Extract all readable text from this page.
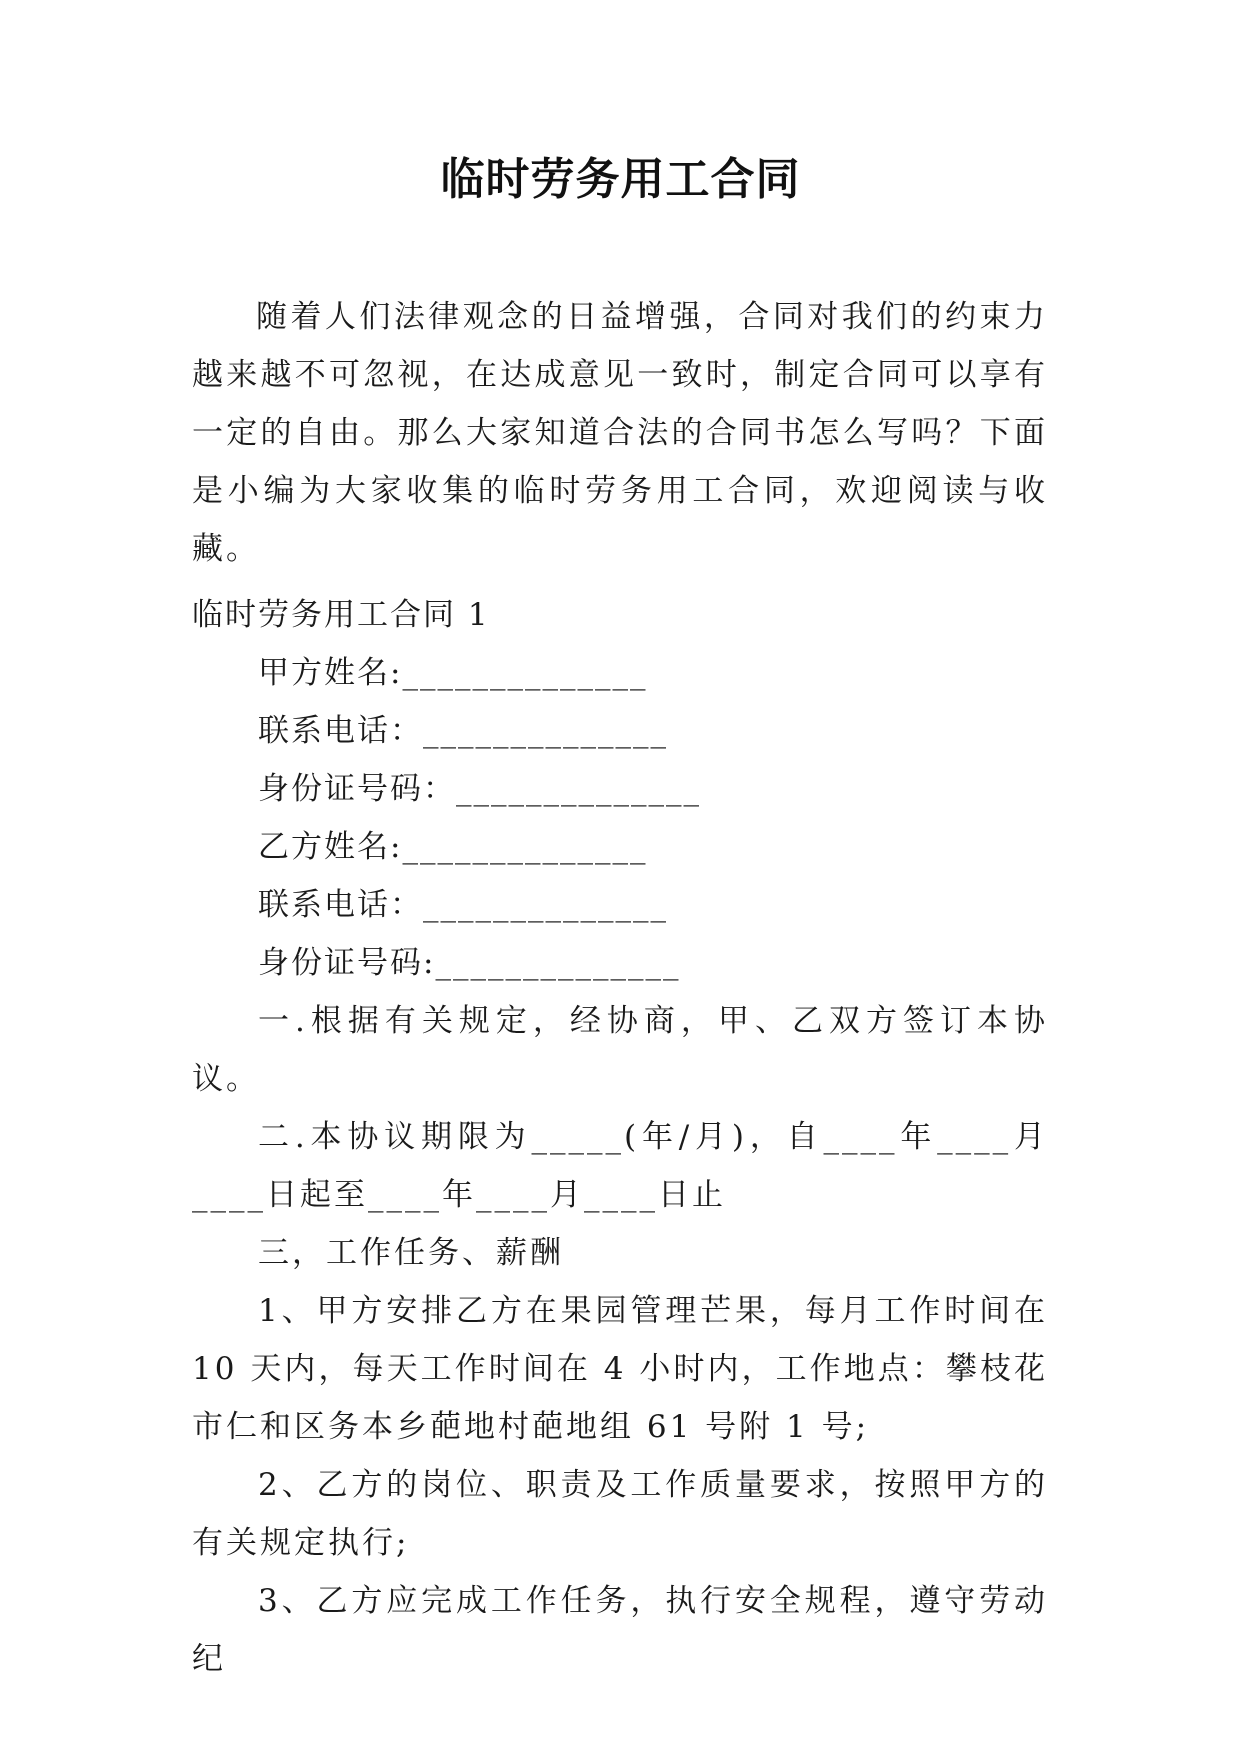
临时劳务用工合同
随着人们法律观念的日益增强，合同对我们的约束力越来越不可忽视，在达成意见一致时，制定合同可以享有一定的自由。那么大家知道合法的合同书怎么写吗？下面是小编为大家收集的临时劳务用工合同，欢迎阅读与收藏。
临时劳务用工合同 1
甲方姓名:______________
联系电话：______________
身份证号码：______________
乙方姓名:______________
联系电话：______________
身份证号码:______________
一.根据有关规定，经协商，甲、乙双方签订本协议。
二.本协议期限为_____(年/月)，自____年____月____日起至____年____月____日止
三，工作任务、薪酬
1、甲方安排乙方在果园管理芒果，每月工作时间在 10 天内，每天工作时间在 4 小时内，工作地点：攀枝花市仁和区务本乡葩地村葩地组 61 号附 1 号;
2、乙方的岗位、职责及工作质量要求，按照甲方的有关规定执行;
3、乙方应完成工作任务，执行安全规程，遵守劳动纪
